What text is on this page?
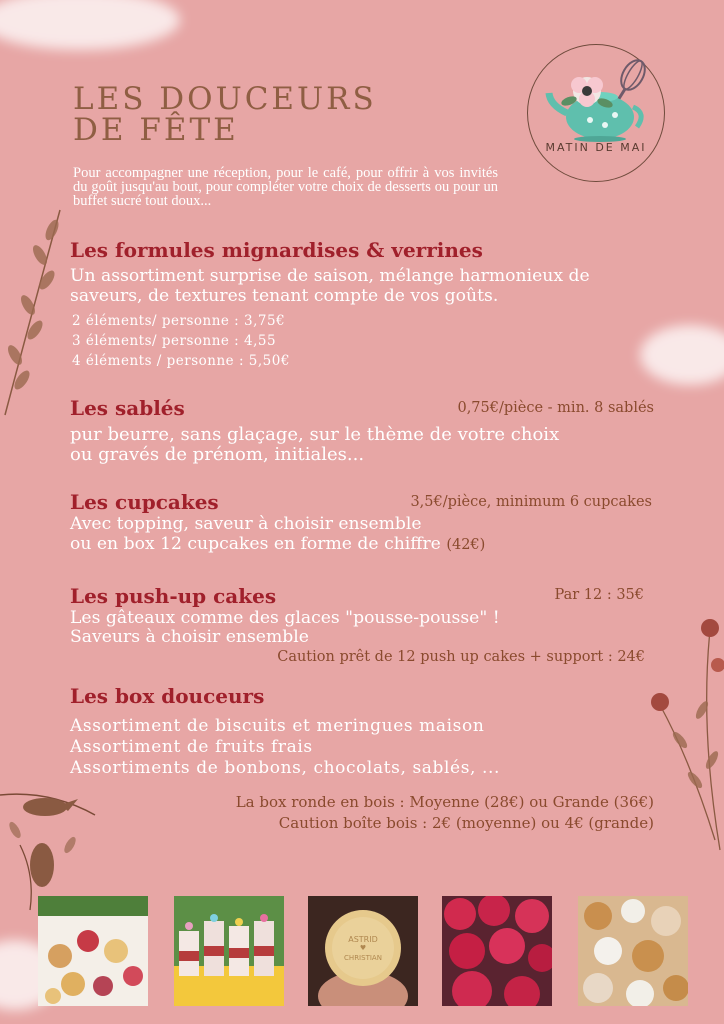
LES DOUCEURS
DE FÊTE
Pour accompagner une réception, pour le café, pour offrir à vos invités du goût jusqu'au bout, pour compléter votre choix de desserts ou pour un buffet sucré tout doux...
MATIN DE MAI
Les formules mignardises & verrines
Un assortiment surprise de saison, mélange harmonieux de
saveurs, de textures tenant compte de vos goûts.
2 éléments/ personne : 3,75€
3 éléments/ personne : 4,55
4 éléments / personne : 5,50€
Les sablés	0,75€/pièce - min. 8 sablés
pur beurre, sans glaçage, sur le thème de votre choix
ou gravés de prénom, initiales...
Les cupcakes	3,5€/pièce, minimum 6 cupcakes
Avec topping, saveur à choisir ensemble
ou en box 12 cupcakes en forme de chiffre (42€)
Les push-up cakes	Par 12 : 35€
Les gâteaux comme des glaces "pousse-pousse" !
Saveurs à choisir ensemble
Caution prêt de 12 push up cakes + support : 24€
Les box douceurs
Assortiment de biscuits et meringues maison
Assortiment de fruits frais
Assortiments de bonbons, chocolats, sablés, ...
La box ronde en bois : Moyenne (28€) ou Grande (36€)
Caution boîte bois : 2€ (moyenne) ou 4€ (grande)
ASTRID
♥
CHRISTIAN
